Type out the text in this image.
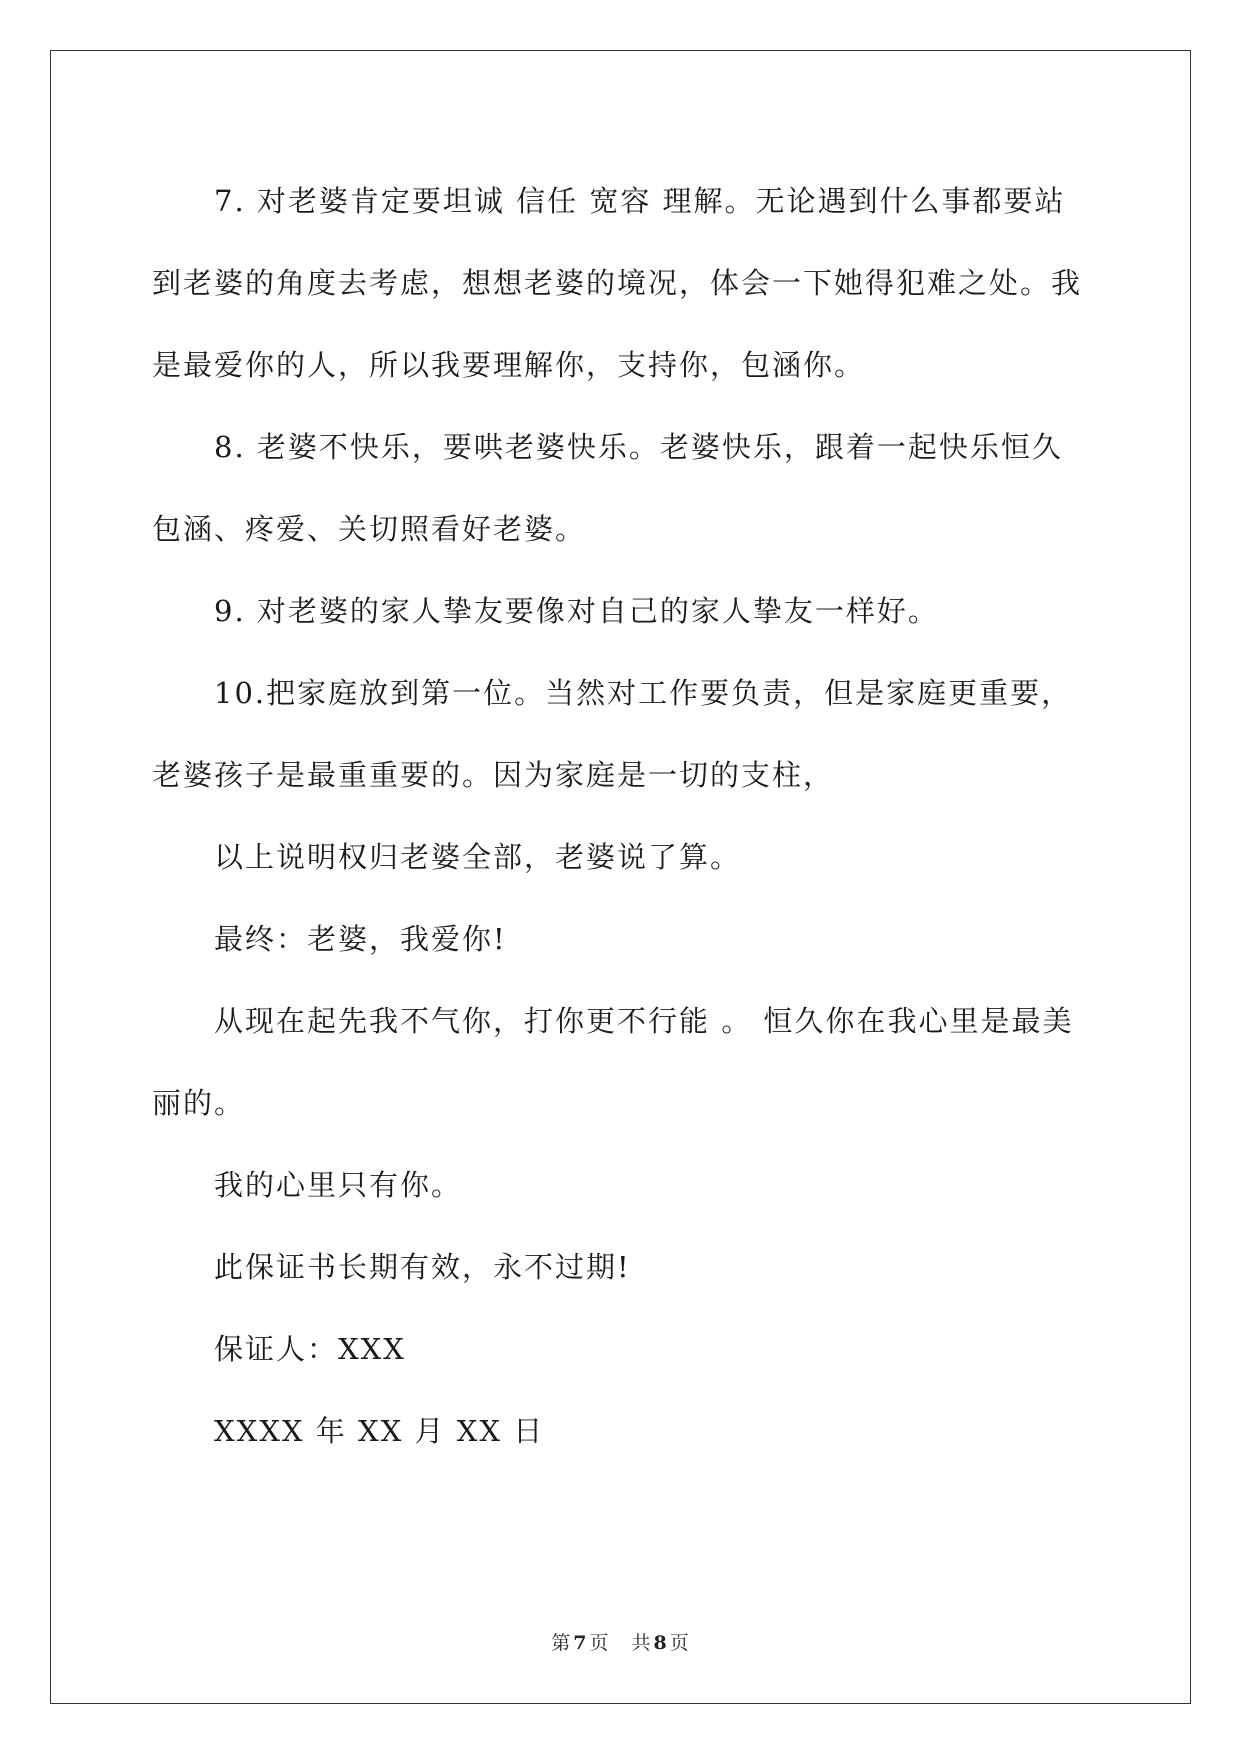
7. 对老婆肯定要坦诚 信任 宽容 理解。无论遇到什么事都要站到老婆的角度去考虑，想想老婆的境况，体会一下她得犯难之处。我是最爱你的人，所以我要理解你，支持你，包涵你。

8. 老婆不快乐，要哄老婆快乐。老婆快乐，跟着一起快乐恒久包涵、疼爱、关切照看好老婆。

9. 对老婆的家人挚友要像对自己的家人挚友一样好。

10.把家庭放到第一位。当然对工作要负责，但是家庭更重要，老婆孩子是最重重要的。因为家庭是一切的支柱，

以上说明权归老婆全部，老婆说了算。

最终：老婆，我爱你!

从现在起先我不气你，打你更不行能 。 恒久你在我心里是最美丽的。

我的心里只有你。

此保证书长期有效，永不过期!

保证人：XXX

XXXX 年 XX 月 XX 日

第 7 页 共 8 页
